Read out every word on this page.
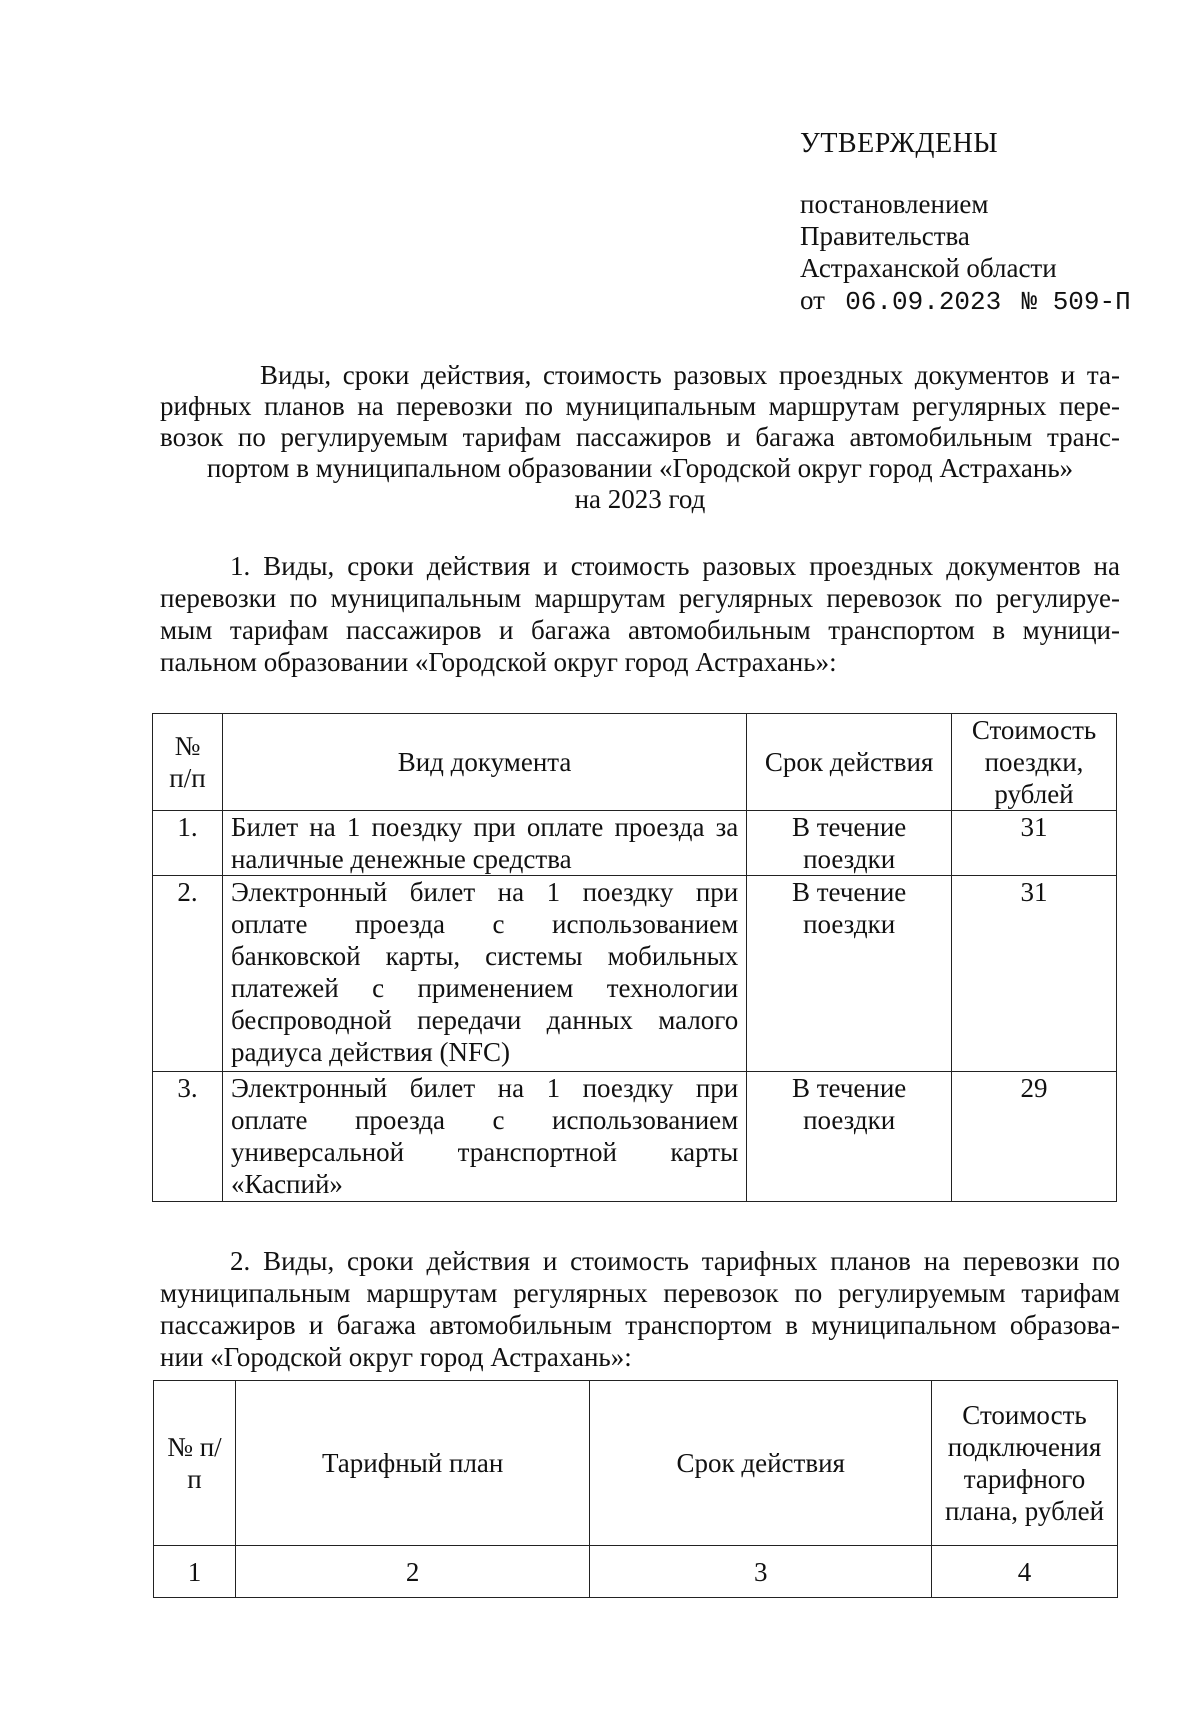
УТВЕРЖДЕНЫ
постановлением
Правительства
Астраханской области
от 06.09.2023 № 509-П
Виды, сроки действия, стоимость разовых проездных документов и та-
рифных планов на перевозки по муниципальным маршрутам регулярных пере-
возок по регулируемым тарифам пассажиров и багажа автомобильным транс-
портом в муниципальном образовании «Городской округ город Астрахань»
на 2023 год
1. Виды, сроки действия и стоимость разовых проездных документов на
перевозки по муниципальным маршрутам регулярных перевозок по регулируе-
мым тарифам пассажиров и багажа автомобильным транспортом в муници-
пальном образовании «Городской округ город Астрахань»:
№ п/п	Вид документа	Срок действия	Стоимость поездки, рублей
1.	Билет на 1 поездку при оплате проезда за наличные денежные средства	В течение поездки	31
2.	Электронный билет на 1 поездку при оплате проезда с использованием банковской карты, системы мобильных платежей с применением технологии беспроводной передачи данных малого радиуса действия (NFC)	В течение поездки	31
3.	Электронный билет на 1 поездку при оплате проезда с использованием универсальной транспортной карты «Каспий»	В течение поездки	29
2. Виды, сроки действия и стоимость тарифных планов на перевозки по
муниципальным маршрутам регулярных перевозок по регулируемым тарифам
пассажиров и багажа автомобильным транспортом в муниципальном образова-
нии «Городской округ город Астрахань»:
№ п/п	Тарифный план	Срок действия	Стоимость подключения тарифного плана, рублей
1	2	3	4
